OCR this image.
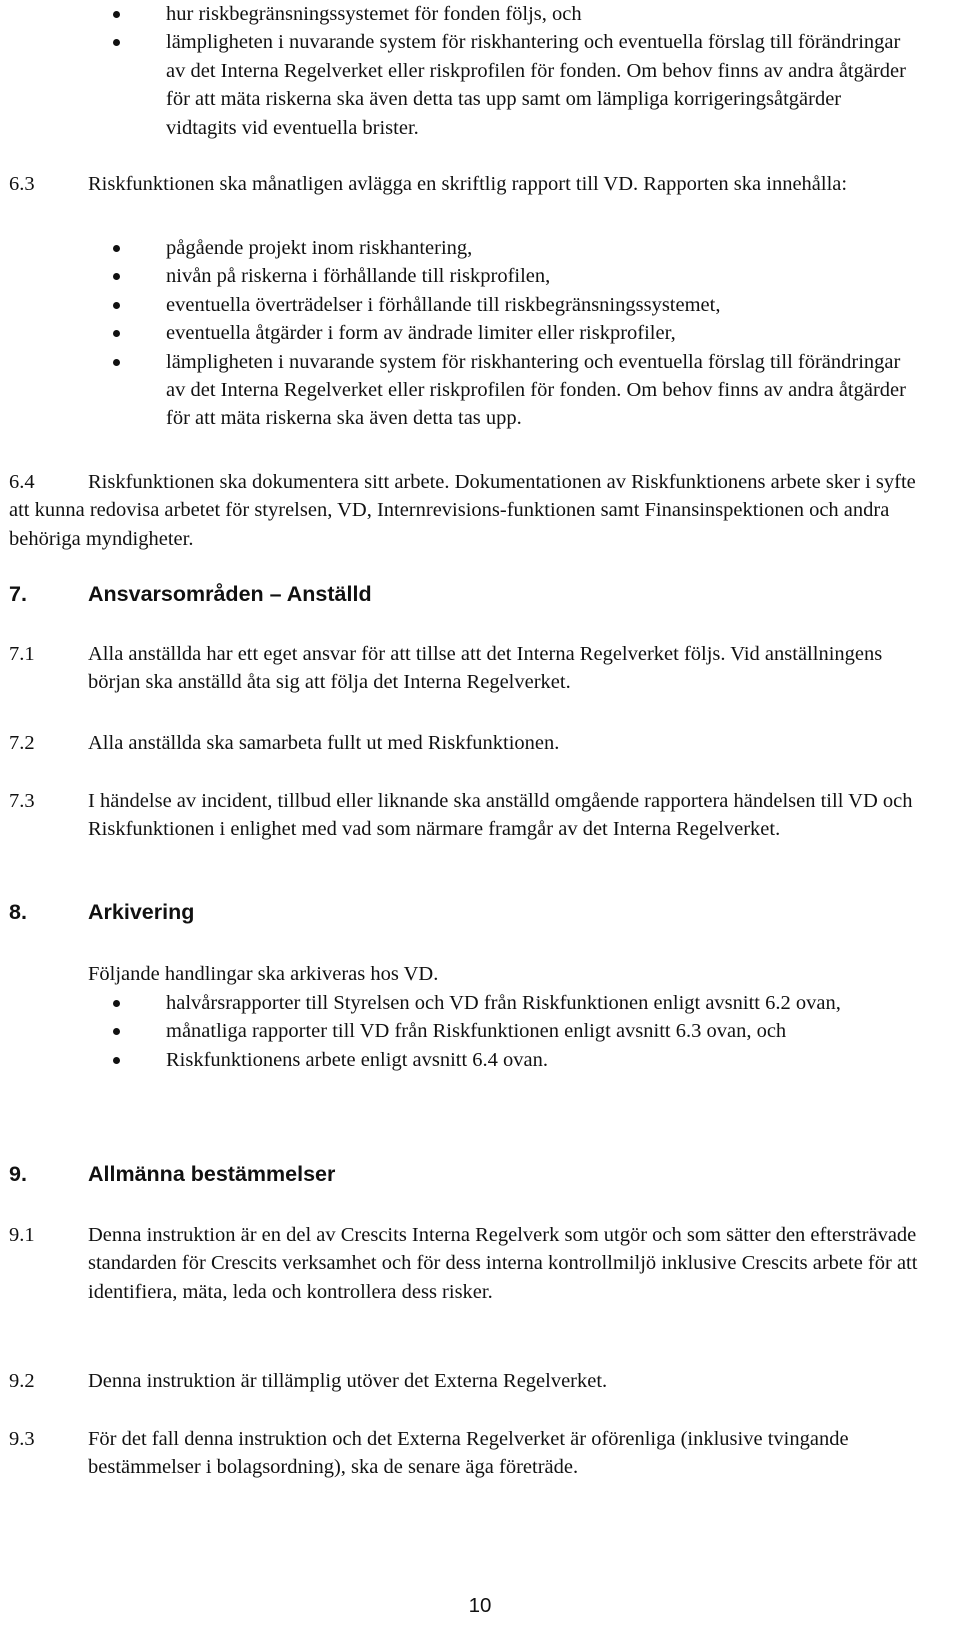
hur riskbegränsningssystemet för fonden följs, och
lämpligheten i nuvarande system för riskhantering och eventuella förslag till förändringar av det Interna Regelverket eller riskprofilen för fonden. Om behov finns av andra åtgärder för att mäta riskerna ska även detta tas upp samt om lämpliga korrigeringsåtgärder vidtagits vid eventuella brister.
6.3	Riskfunktionen ska månatligen avlägga en skriftlig rapport till VD. Rapporten ska innehålla:
pågående projekt inom riskhantering,
nivån på riskerna i förhållande till riskprofilen,
eventuella överträdelser i förhållande till riskbegränsningssystemet,
eventuella åtgärder i form av ändrade limiter eller riskprofiler,
lämpligheten i nuvarande system för riskhantering och eventuella förslag till förändringar av det Interna Regelverket eller riskprofilen för fonden. Om behov finns av andra åtgärder för att mäta riskerna ska även detta tas upp.
6.4	Riskfunktionen ska dokumentera sitt arbete. Dokumentationen av Riskfunktionens arbete sker i syfte att kunna redovisa arbetet för styrelsen, VD, Internrevisions-funktionen samt Finansinspektionen och andra behöriga myndigheter.
7.	Ansvarsområden – Anställd
7.1	Alla anställda har ett eget ansvar för att tillse att det Interna Regelverket följs. Vid anställningens början ska anställd åta sig att följa det Interna Regelverket.
7.2	Alla anställda ska samarbeta fullt ut med Riskfunktionen.
7.3	I händelse av incident, tillbud eller liknande ska anställd omgående rapportera händelsen till VD och Riskfunktionen i enlighet med vad som närmare framgår av det Interna Regelverket.
8.	Arkivering
Följande handlingar ska arkiveras hos VD.
halvårsrapporter till Styrelsen och VD från Riskfunktionen enligt avsnitt 6.2 ovan,
månatliga rapporter till VD från Riskfunktionen enligt avsnitt 6.3 ovan, och
Riskfunktionens arbete enligt avsnitt 6.4 ovan.
9.	Allmänna bestämmelser
9.1	Denna instruktion är en del av Crescits Interna Regelverk som utgör och som sätter den eftersträvade standarden för Crescits verksamhet och för dess interna kontrollmiljö inklusive Crescits arbete för att identifiera, mäta, leda och kontrollera dess risker.
9.2	Denna instruktion är tillämplig utöver det Externa Regelverket.
9.3	För det fall denna instruktion och det Externa Regelverket är oförenliga (inklusive tvingande bestämmelser i bolagsordning), ska de senare äga företräde.
10
